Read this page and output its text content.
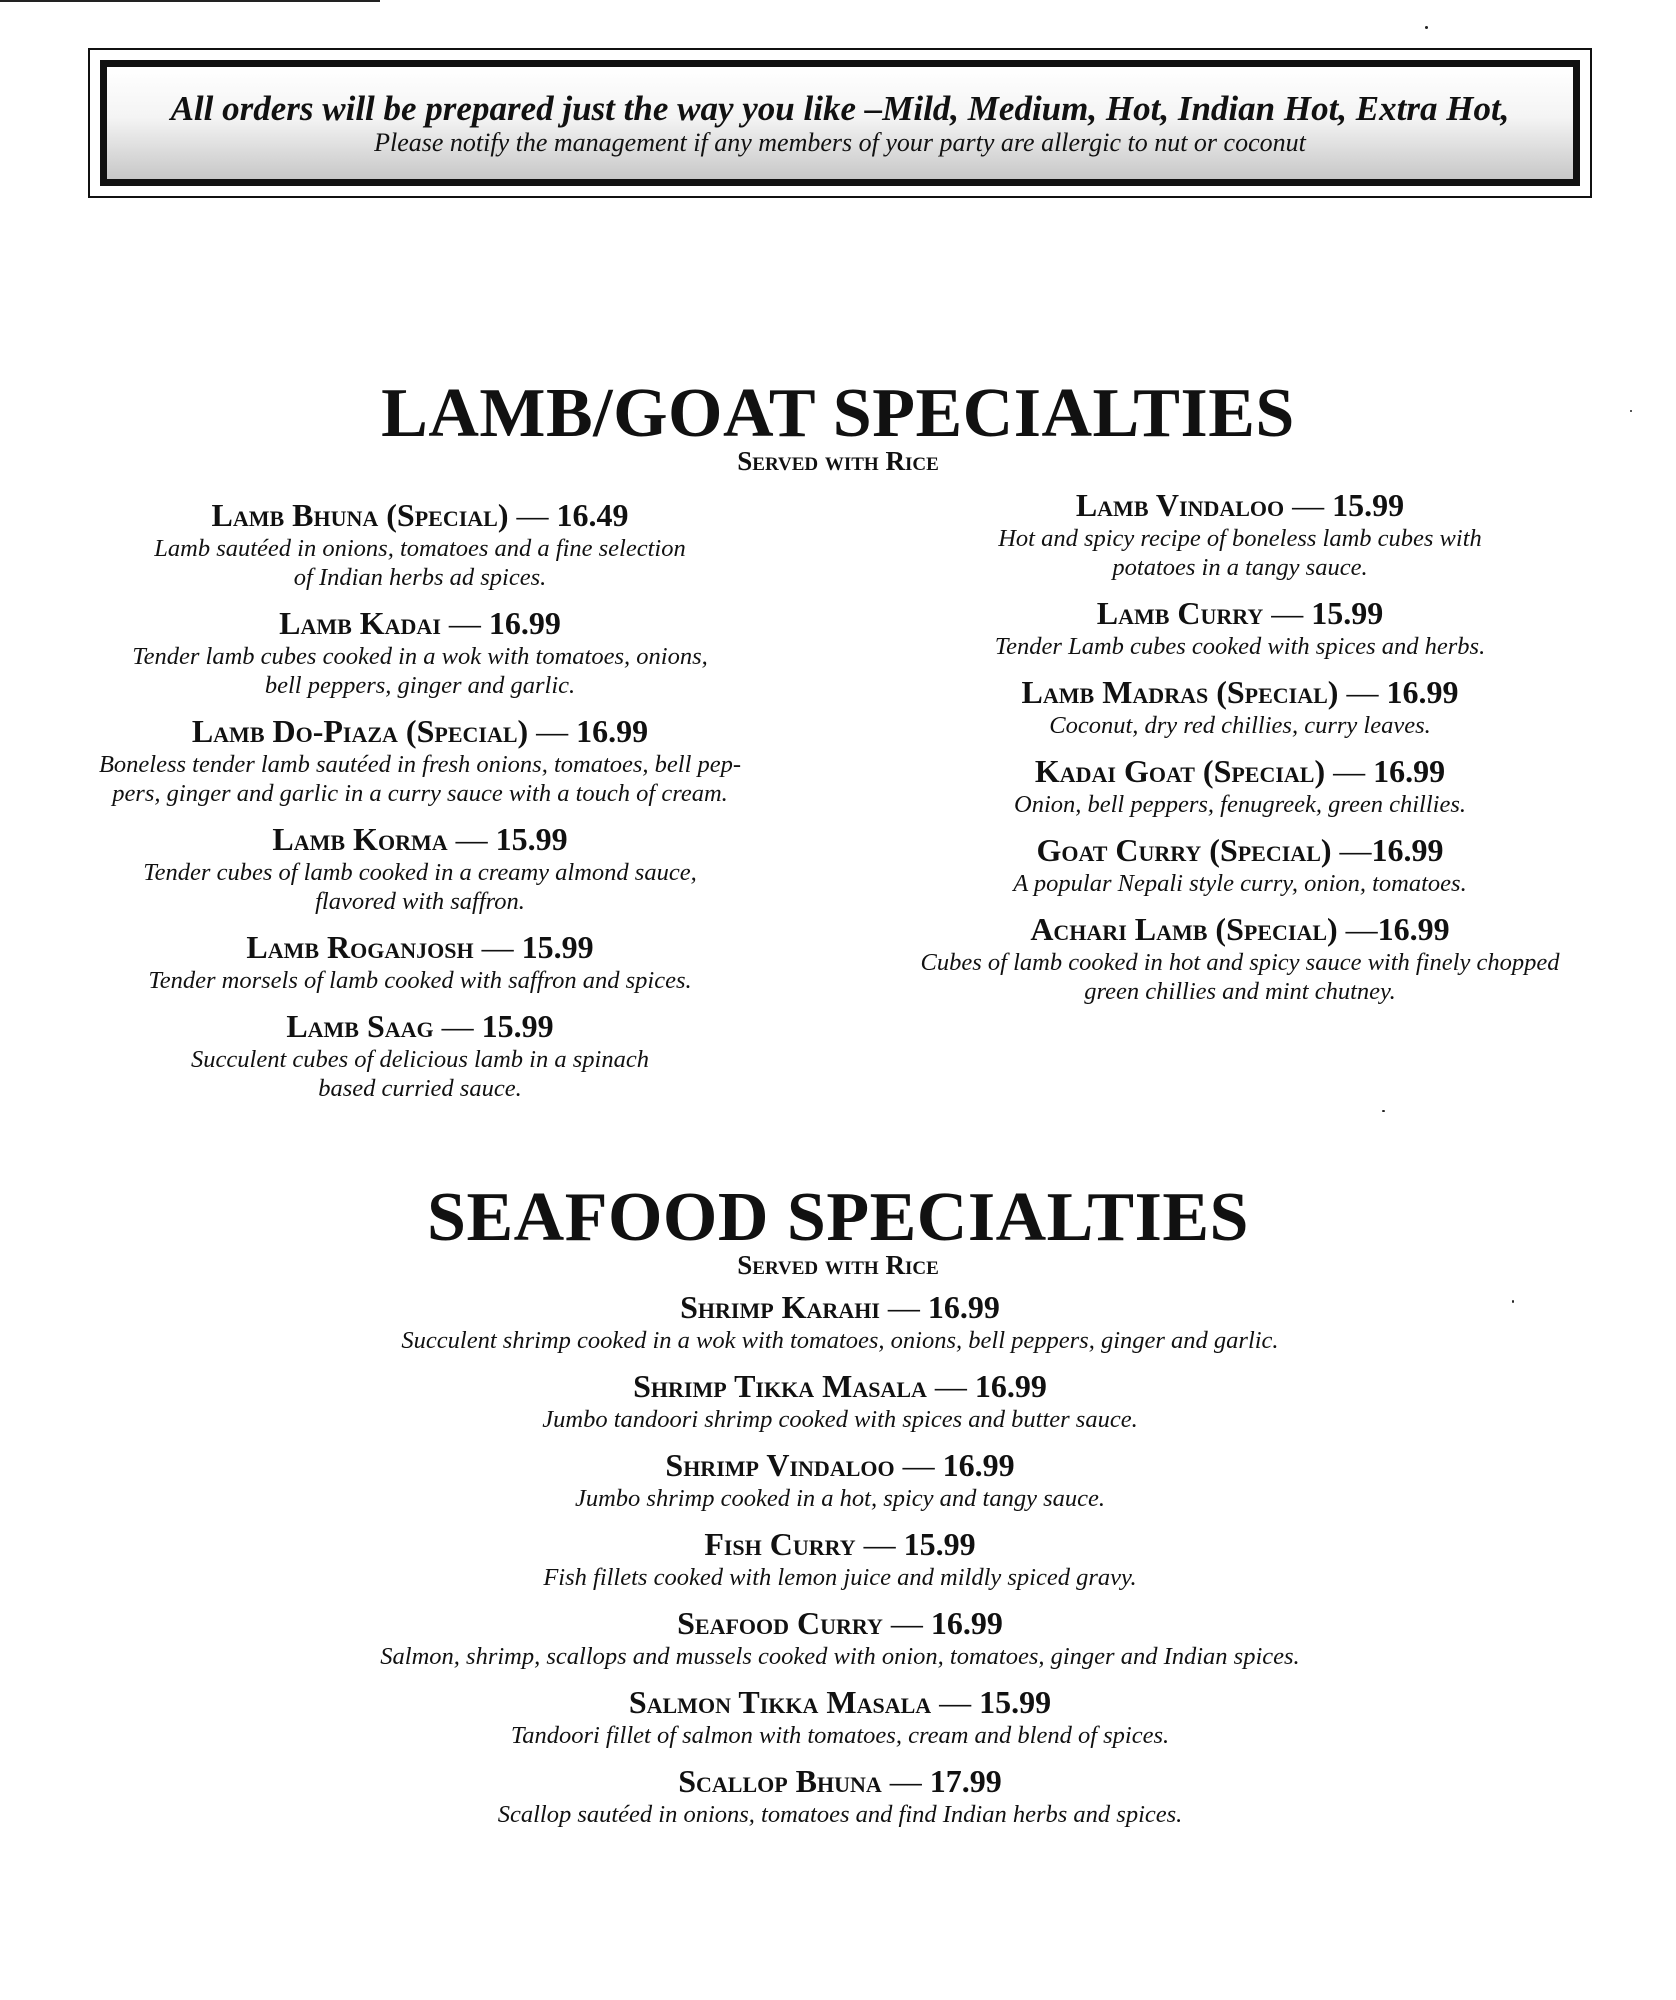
All orders will be prepared just the way you like –Mild, Medium, Hot, Indian Hot, Extra Hot,
Please notify the management if any members of your party are allergic to nut or coconut
LAMB/GOAT SPECIALTIES
Served with Rice
Lamb Bhuna (Special) — 16.49
Lamb sautéed in onions, tomatoes and a fine selection
of Indian herbs ad spices.
Lamb Kadai — 16.99
Tender lamb cubes cooked in a wok with tomatoes, onions,
bell peppers, ginger and garlic.
Lamb Do-Piaza (Special) — 16.99
Boneless tender lamb sautéed in fresh onions, tomatoes, bell pep-
pers, ginger and garlic in a curry sauce with a touch of cream.
Lamb Korma — 15.99
Tender cubes of lamb cooked in a creamy almond sauce,
flavored with saffron.
Lamb Roganjosh — 15.99
Tender morsels of lamb cooked with saffron and spices.
Lamb Saag — 15.99
Succulent cubes of delicious lamb in a spinach
based curried sauce.
Lamb Vindaloo — 15.99
Hot and spicy recipe of boneless lamb cubes with
potatoes in a tangy sauce.
Lamb Curry — 15.99
Tender Lamb cubes cooked with spices and herbs.
Lamb Madras (Special) — 16.99
Coconut, dry red chillies, curry leaves.
Kadai Goat (Special) — 16.99
Onion, bell peppers, fenugreek, green chillies.
Goat Curry (Special) —16.99
A popular Nepali style curry, onion, tomatoes.
Achari Lamb (Special) —16.99
Cubes of lamb cooked in hot and spicy sauce with finely chopped
green chillies and mint chutney.
SEAFOOD SPECIALTIES
Served with Rice
Shrimp Karahi — 16.99
Succulent shrimp cooked in a wok with tomatoes, onions, bell peppers, ginger and garlic.
Shrimp Tikka Masala — 16.99
Jumbo tandoori shrimp cooked with spices and butter sauce.
Shrimp Vindaloo — 16.99
Jumbo shrimp cooked in a hot, spicy and tangy sauce.
Fish Curry — 15.99
Fish fillets cooked with lemon juice and mildly spiced gravy.
Seafood Curry — 16.99
Salmon, shrimp, scallops and mussels cooked with onion, tomatoes, ginger and Indian spices.
Salmon Tikka Masala — 15.99
Tandoori fillet of salmon with tomatoes, cream and blend of spices.
Scallop Bhuna — 17.99
Scallop sautéed in onions, tomatoes and find Indian herbs and spices.
